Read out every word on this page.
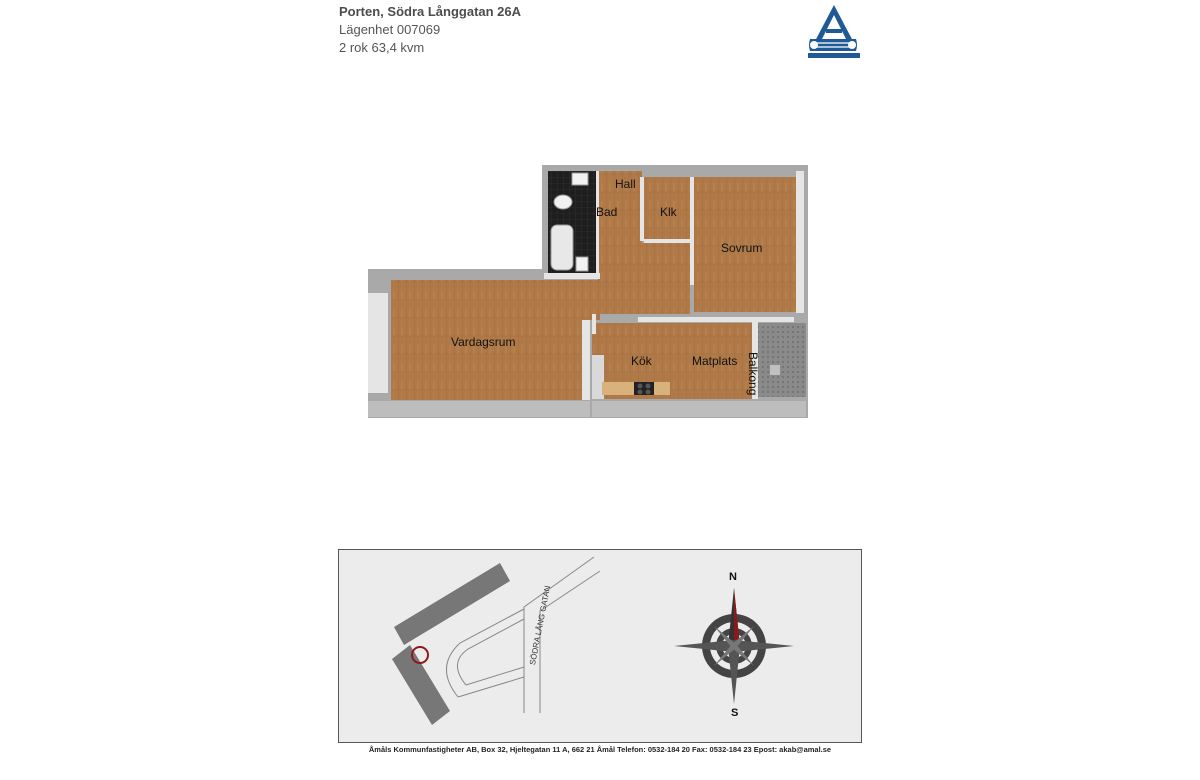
Porten, Södra Långgatan 26A
Lägenhet 007069
2 rok 63,4 kvm
Hall
Bad	Klk
Sovrum
Vardagsrum
Kök	Matplats Balkong
SÖDRA LÅNG GATAN
N
S
Åmåls Kommunfastigheter AB, Box 32, Hjeltegatan 11 A, 662 21 Åmål Telefon: 0532-184 20 Fax: 0532-184 23 Epost: akab@amal.se
